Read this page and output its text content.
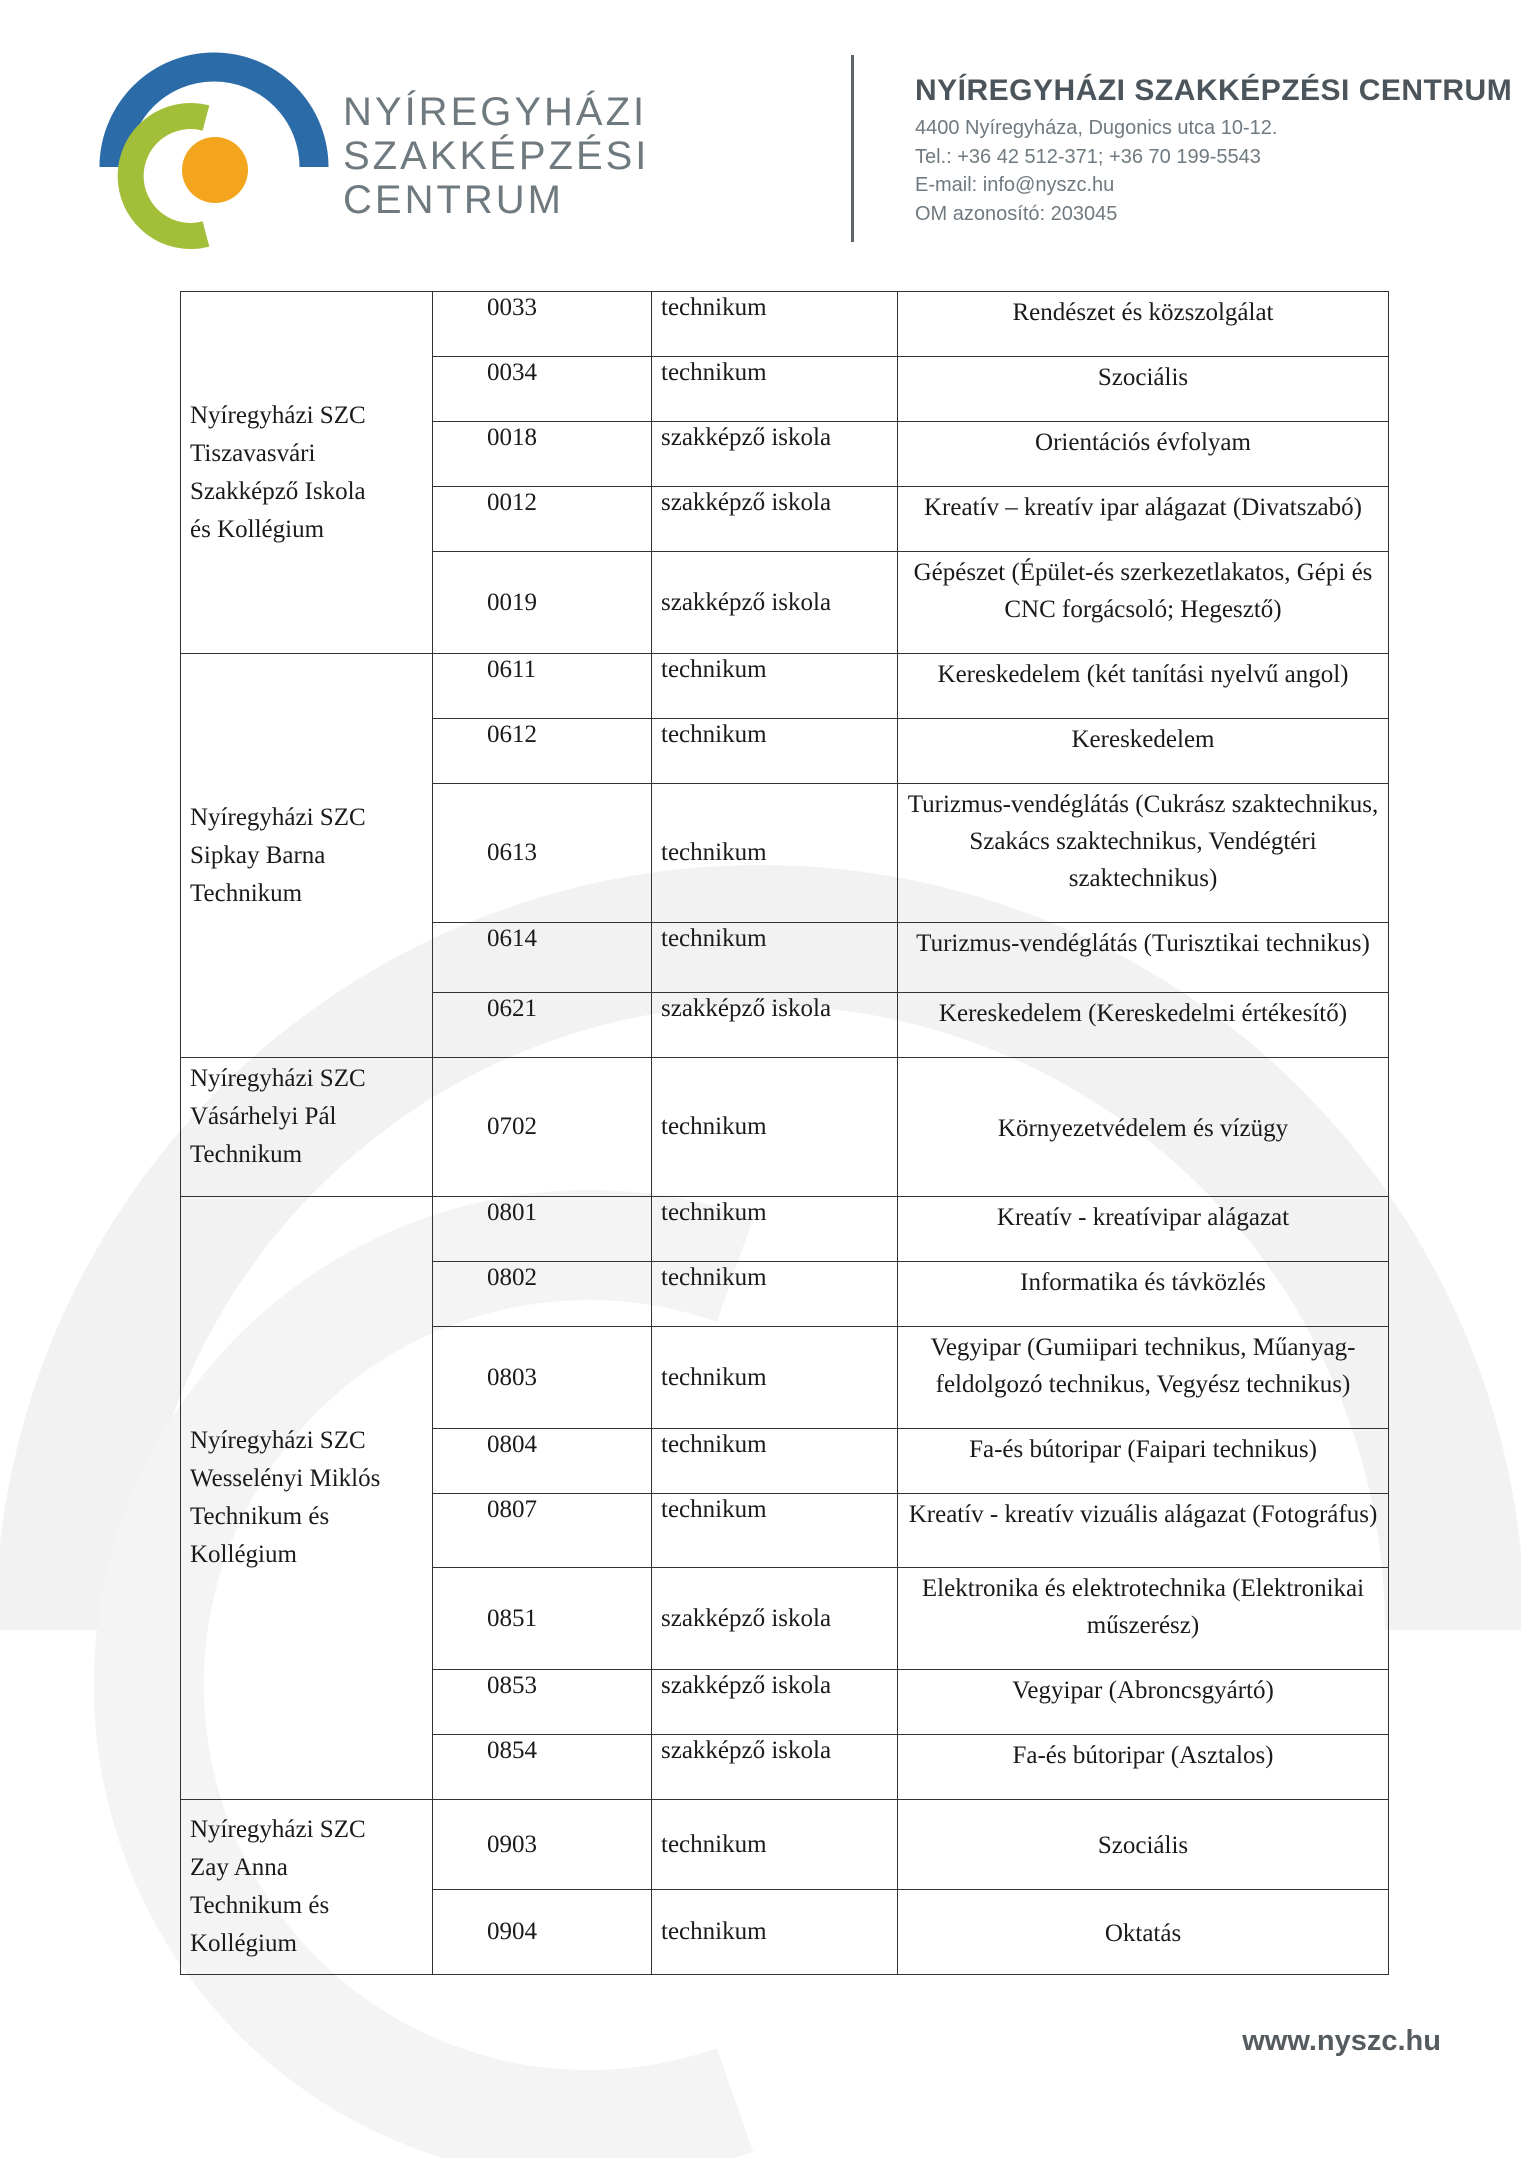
NYÍREGYHÁZI
SZAKKÉPZÉSI
CENTRUM
NYÍREGYHÁZI SZAKKÉPZÉSI CENTRUM
4400 Nyíregyháza, Dugonics utca 10-12.
Tel.: +36 42 512-371; +36 70 199-5543
E-mail: info@nyszc.hu
OM azonosító: 203045
Nyíregyházi SZC
Tiszavasvári
Szakképző Iskola
és Kollégium	0033	technikum	Rendészet és közszolgálat

	0034	technikum	Szociális

	0018	szakképző iskola	Orientációs évfolyam

	0012	szakképző iskola	Kreatív – kreatív ipar alágazat (Divatszabó)

	0019	szakképző iskola	Gépészet (Épület-és szerkezetlakatos, Gépi és
CNC forgácsoló; Hegesztő)

Nyíregyházi SZC
Sipkay Barna
Technikum	0611	technikum	Kereskedelem (két tanítási nyelvű angol)

	0612	technikum	Kereskedelem

	0613	technikum	Turizmus-vendéglátás (Cukrász szaktechnikus,
Szakács szaktechnikus, Vendégtéri
szaktechnikus)

	0614	technikum	Turizmus-vendéglátás (Turisztikai technikus)

	0621	szakképző iskola	Kereskedelem (Kereskedelmi értékesítő)

Nyíregyházi SZC
Vásárhelyi Pál
Technikum	0702	technikum	Környezetvédelem és vízügy

Nyíregyházi SZC
Wesselényi Miklós
Technikum és
Kollégium	0801	technikum	Kreatív - kreatívipar alágazat

	0802	technikum	Informatika és távközlés

	0803	technikum	Vegyipar (Gumiipari technikus, Műanyag-
feldolgozó technikus, Vegyész technikus)

	0804	technikum	Fa-és bútoripar (Faipari technikus)

	0807	technikum	Kreatív - kreatív vizuális alágazat (Fotográfus)

	0851	szakképző iskola	Elektronika és elektrotechnika (Elektronikai
műszerész)

	0853	szakképző iskola	Vegyipar (Abroncsgyártó)

	0854	szakképző iskola	Fa-és bútoripar (Asztalos)

Nyíregyházi SZC
Zay Anna
Technikum és
Kollégium	0903	technikum	Szociális

	0904	technikum	Oktatás
www.nyszc.hu
